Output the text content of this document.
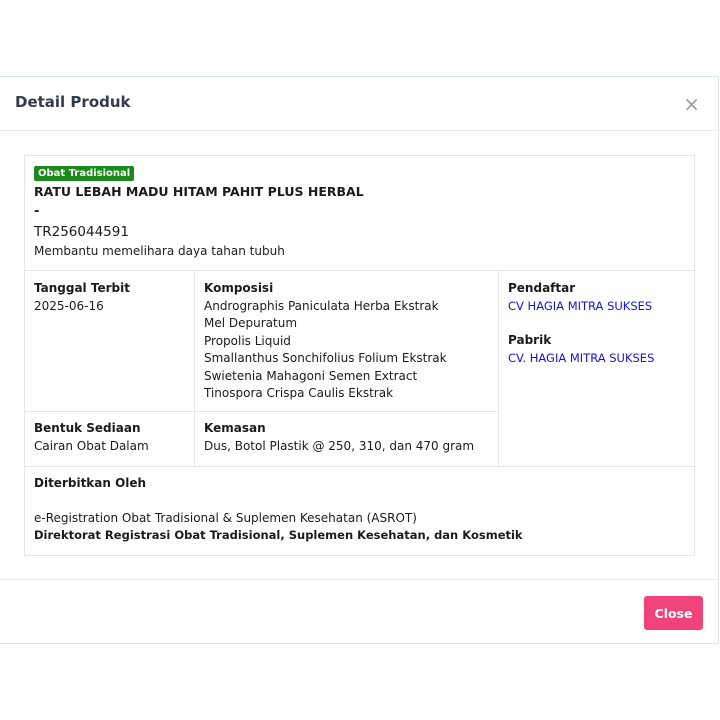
Detail Produk	×
Obat Tradisional
RATU LEBAH MADU HITAM PAHIT PLUS HERBAL
-
TR256044591
Membantu memelihara daya tahan tubuh
Tanggal Terbit
2025-06-16
Komposisi
Andrographis Paniculata Herba Ekstrak
Mel Depuratum
Propolis Liquid
Smallanthus Sonchifolius Folium Ekstrak
Swietenia Mahagoni Semen Extract
Tinospora Crispa Caulis Ekstrak
Pendaftar
CV HAGIA MITRA SUKSES
Pabrik
CV. HAGIA MITRA SUKSES
Bentuk Sediaan
Cairan Obat Dalam
Kemasan
Dus, Botol Plastik @ 250, 310, dan 470 gram
Diterbitkan Oleh
e-Registration Obat Tradisional & Suplemen Kesehatan (ASROT)
Direktorat Registrasi Obat Tradisional, Suplemen Kesehatan, dan Kosmetik
Close
